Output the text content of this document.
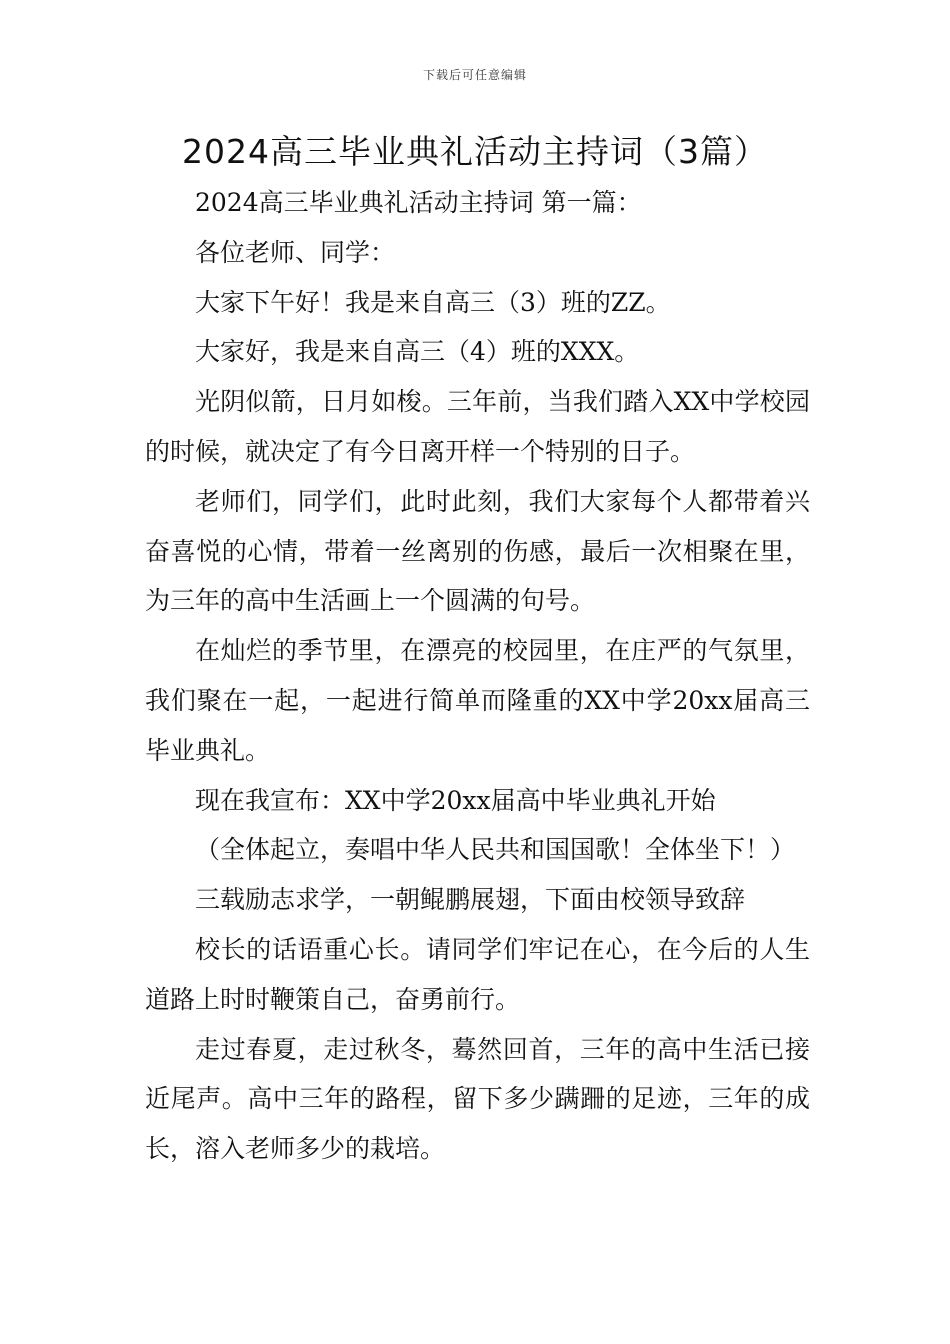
下载后可任意编辑
2024高三毕业典礼活动主持词（3篇）

2024高三毕业典礼活动主持词 第一篇：

各位老师、同学：

大家下午好！我是来自高三（3）班的ZZ。

大家好，我是来自高三（4）班的XXX。

光阴似箭，日月如梭。三年前，当我们踏入XX中学校园的时候，就决定了有今日离开样一个特别的日子。

老师们，同学们，此时此刻，我们大家每个人都带着兴奋喜悦的心情，带着一丝离别的伤感，最后一次相聚在里，为三年的高中生活画上一个圆满的句号。

在灿烂的季节里，在漂亮的校园里，在庄严的气氛里，我们聚在一起，一起进行简单而隆重的XX中学20xx届高三毕业典礼。

现在我宣布：XX中学20xx届高中毕业典礼开始

（全体起立，奏唱中华人民共和国国歌！全体坐下！）

三载励志求学，一朝鲲鹏展翅，下面由校领导致辞

校长的话语重心长。请同学们牢记在心，在今后的人生道路上时时鞭策自己，奋勇前行。

走过春夏，走过秋冬，蓦然回首，三年的高中生活已接近尾声。高中三年的路程，留下多少蹒跚的足迹，三年的成长，溶入老师多少的栽培。
